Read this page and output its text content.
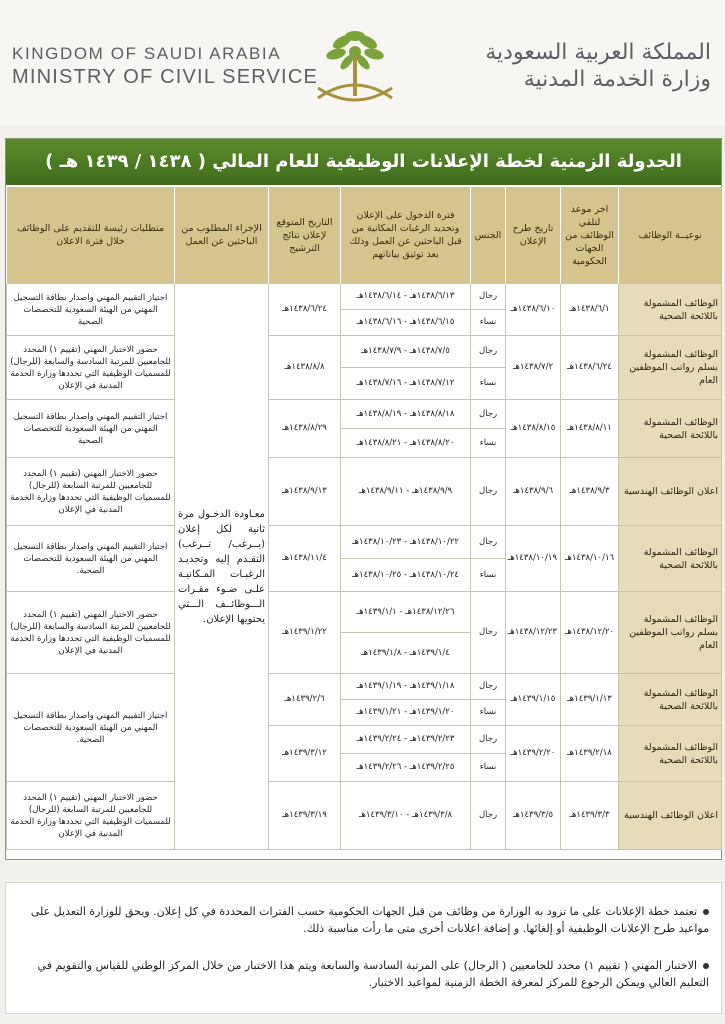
KINGDOM OF SAUDI ARABIA
MINISTRY OF CIVIL SERVICE
المملكة العربية السعودية
وزارة الخدمة المدنية
الجدولة الزمنية لخطة الإعلانات الوظيفية للعام المالي ( ١٤٣٨ / ١٤٣٩ هـ )
نوعيــة الوظائف	اخر موعد لتلقي الوظائف من الجهات الحكومية	تاريخ طرح الإعلان	الجنس	فترة الدخول على الإعلان وتحديد الرغبات المكانية من قبل الباحثين عن العمل وذلك بعد توثيق بياناتهم	التاريخ المتوقع لإعلان نتائج الترشيح	الإجراء المطلوب من الباحثين عن العمل	متطلبات رئيسة للتقديم على الوظائف خلال فترة الاعلان
الوظائف المشمولة باللائحة الصحية	١٤٣٨/٦/١هـ	١٤٣٨/٦/١٠هـ	رجال	١٤٣٨/٦/١٣هـ - ١٤٣٨/٦/١٤هـ	١٤٣٨/٦/٢٤هـ	معـاودة الدخـول مرة ثانية لكل إعلان (يــرغب/ تــرغب) التقـدم إليه وتحديـد الرغبـات المـكانيـة علـى ضـوء مقـرات الـــوظائــف الـــتي يحتويها الإعلان.	اجتياز التقييم المهني واصدار بطاقة التسجيل المهني من الهيئة السعودية للتخصصات الصحية
			نساء	١٤٣٨/٦/١٥هـ - ١٤٣٨/٦/١٦هـ			
الوظائف المشمولة بسلم رواتب الموظفين العام	١٤٣٨/٦/٢٤هـ	١٤٣٨/٧/٢هـ	رجال	١٤٣٨/٧/٥هـ - ١٤٣٨/٧/٩هـ	١٤٣٨/٨/٨هـ		حضور الاختبار المهني (تقييم ١) المحدد للجامعيين للمرتبة السادسة والسابعة (للرجال) للمسميات الوظيفية التي تحددها وزارة الخدمة المدنية في الإعلان
			نساء	١٤٣٨/٧/١٢هـ - ١٤٣٨/٧/١٦هـ			
الوظائف المشمولة باللائحة الصحية	١٤٣٨/٨/١١هـ	١٤٣٨/٨/١٥هـ	رجال	١٤٣٨/٨/١٨هـ - ١٤٣٨/٨/١٩هـ	١٤٣٨/٨/٢٩هـ		اجتياز التقييم المهني واصدار بطاقة التسجيل المهني من الهيئة السعودية للتخصصات الصحية
			نساء	١٤٣٨/٨/٢٠هـ - ١٤٣٨/٨/٢١هـ			
اعلان الوظائف الهندسية	١٤٣٨/٩/٣هـ	١٤٣٨/٩/٦هـ	رجال	١٤٣٨/٩/٩هـ - ١٤٣٨/٩/١١هـ	١٤٣٨/٩/١٣هـ		حضور الاختبار المهني (تقييم ١) المحدد للجامعيين للمرتبة السابعة (للرجال) للمسميات الوظيفية التي تحددها وزارة الخدمة المدنية في الإعلان
الوظائف المشمولة باللائحة الصحية	١٤٣٨/١٠/١٦هـ	١٤٣٨/١٠/١٩هـ	رجال	١٤٣٨/١٠/٢٢هـ - ١٤٣٨/١٠/٢٣هـ	١٤٣٨/١١/٤هـ		اجتياز التقييم المهني واصدار بطاقة التسجيل المهني من الهيئة السعودية للتخصصات الصحية.
			نساء	١٤٣٨/١٠/٢٤هـ - ١٤٣٨/١٠/٢٥هـ			
الوظائف المشمولة بسلم رواتب الموظفين العام	١٤٣٨/١٢/٢٠هـ	١٤٣٨/١٢/٢٣هـ	رجال	١٤٣٨/١٢/٢٦هـ - ١٤٣٩/١/١هـ	١٤٣٩/١/٢٢هـ		حضور الاختبار المهني (تقييم ١) المحدد للجامعيين للمرتبة السادسة والسابعة (للرجال) للمسميات الوظيفية التي تحددها وزارة الخدمة المدنية في الإعلان
				١٤٣٩/١/٤هـ - ١٤٣٩/١/٨هـ			
الوظائف المشمولة باللائحة الصحية	١٤٣٩/١/١٣هـ	١٤٣٩/١/١٥هـ	رجال	١٤٣٩/١/١٨هـ - ١٤٣٩/١/١٩هـ	١٤٣٩/٢/٦هـ		اجتياز التقييم المهني واصدار بطاقة التسجيل المهني من الهيئة السعودية للتخصصات الصحية.
			نساء	١٤٣٩/١/٢٠هـ - ١٤٣٩/١/٢١هـ			
الوظائف المشمولة باللائحة الصحية	١٤٣٩/٢/١٨هـ	١٤٣٩/٢/٢٠هـ	رجال	١٤٣٩/٢/٢٣هـ - ١٤٣٩/٢/٢٤هـ	١٤٣٩/٣/١٢هـ		
			نساء	١٤٣٩/٢/٢٥هـ - ١٤٣٩/٢/٢٦هـ			
اعلان الوظائف الهندسية	١٤٣٩/٣/٣هـ	١٤٣٩/٣/٥هـ	رجال	١٤٣٩/٣/٨هـ - ١٤٣٩/٣/١٠هـ	١٤٣٩/٣/١٩هـ		حضور الاختبار المهني (تقييم ١) المحدد للجامعيين للمرتبة السابعة (للرجال) للمسميات الوظيفية التي تحددها وزارة الخدمة المدنية في الإعلان
تعتمد خطة الإعلانات على ما تزود به الوزارة من وظائف من قبل الجهات الحكومية حسب الفترات المحددة في كل إعلان. ويحق للوزارة التعديل على مواعيد طرح الإعلانات الوظيفية أو إلغائها. و إضافة اعلانات أخرى متى ما رأت مناسبة ذلك.
الاختبار المهني ( تقييم ١) محدد للجامعيين ( الرجال) على المرتبة السادسة والسابعة ويتم هذا الاختبار من خلال المركز الوطني للقياس والتقويم في التعليم العالي ويمكن الرجوع للمركز لمعرفة الخطة الزمنية لمواعيد الاختبار.
